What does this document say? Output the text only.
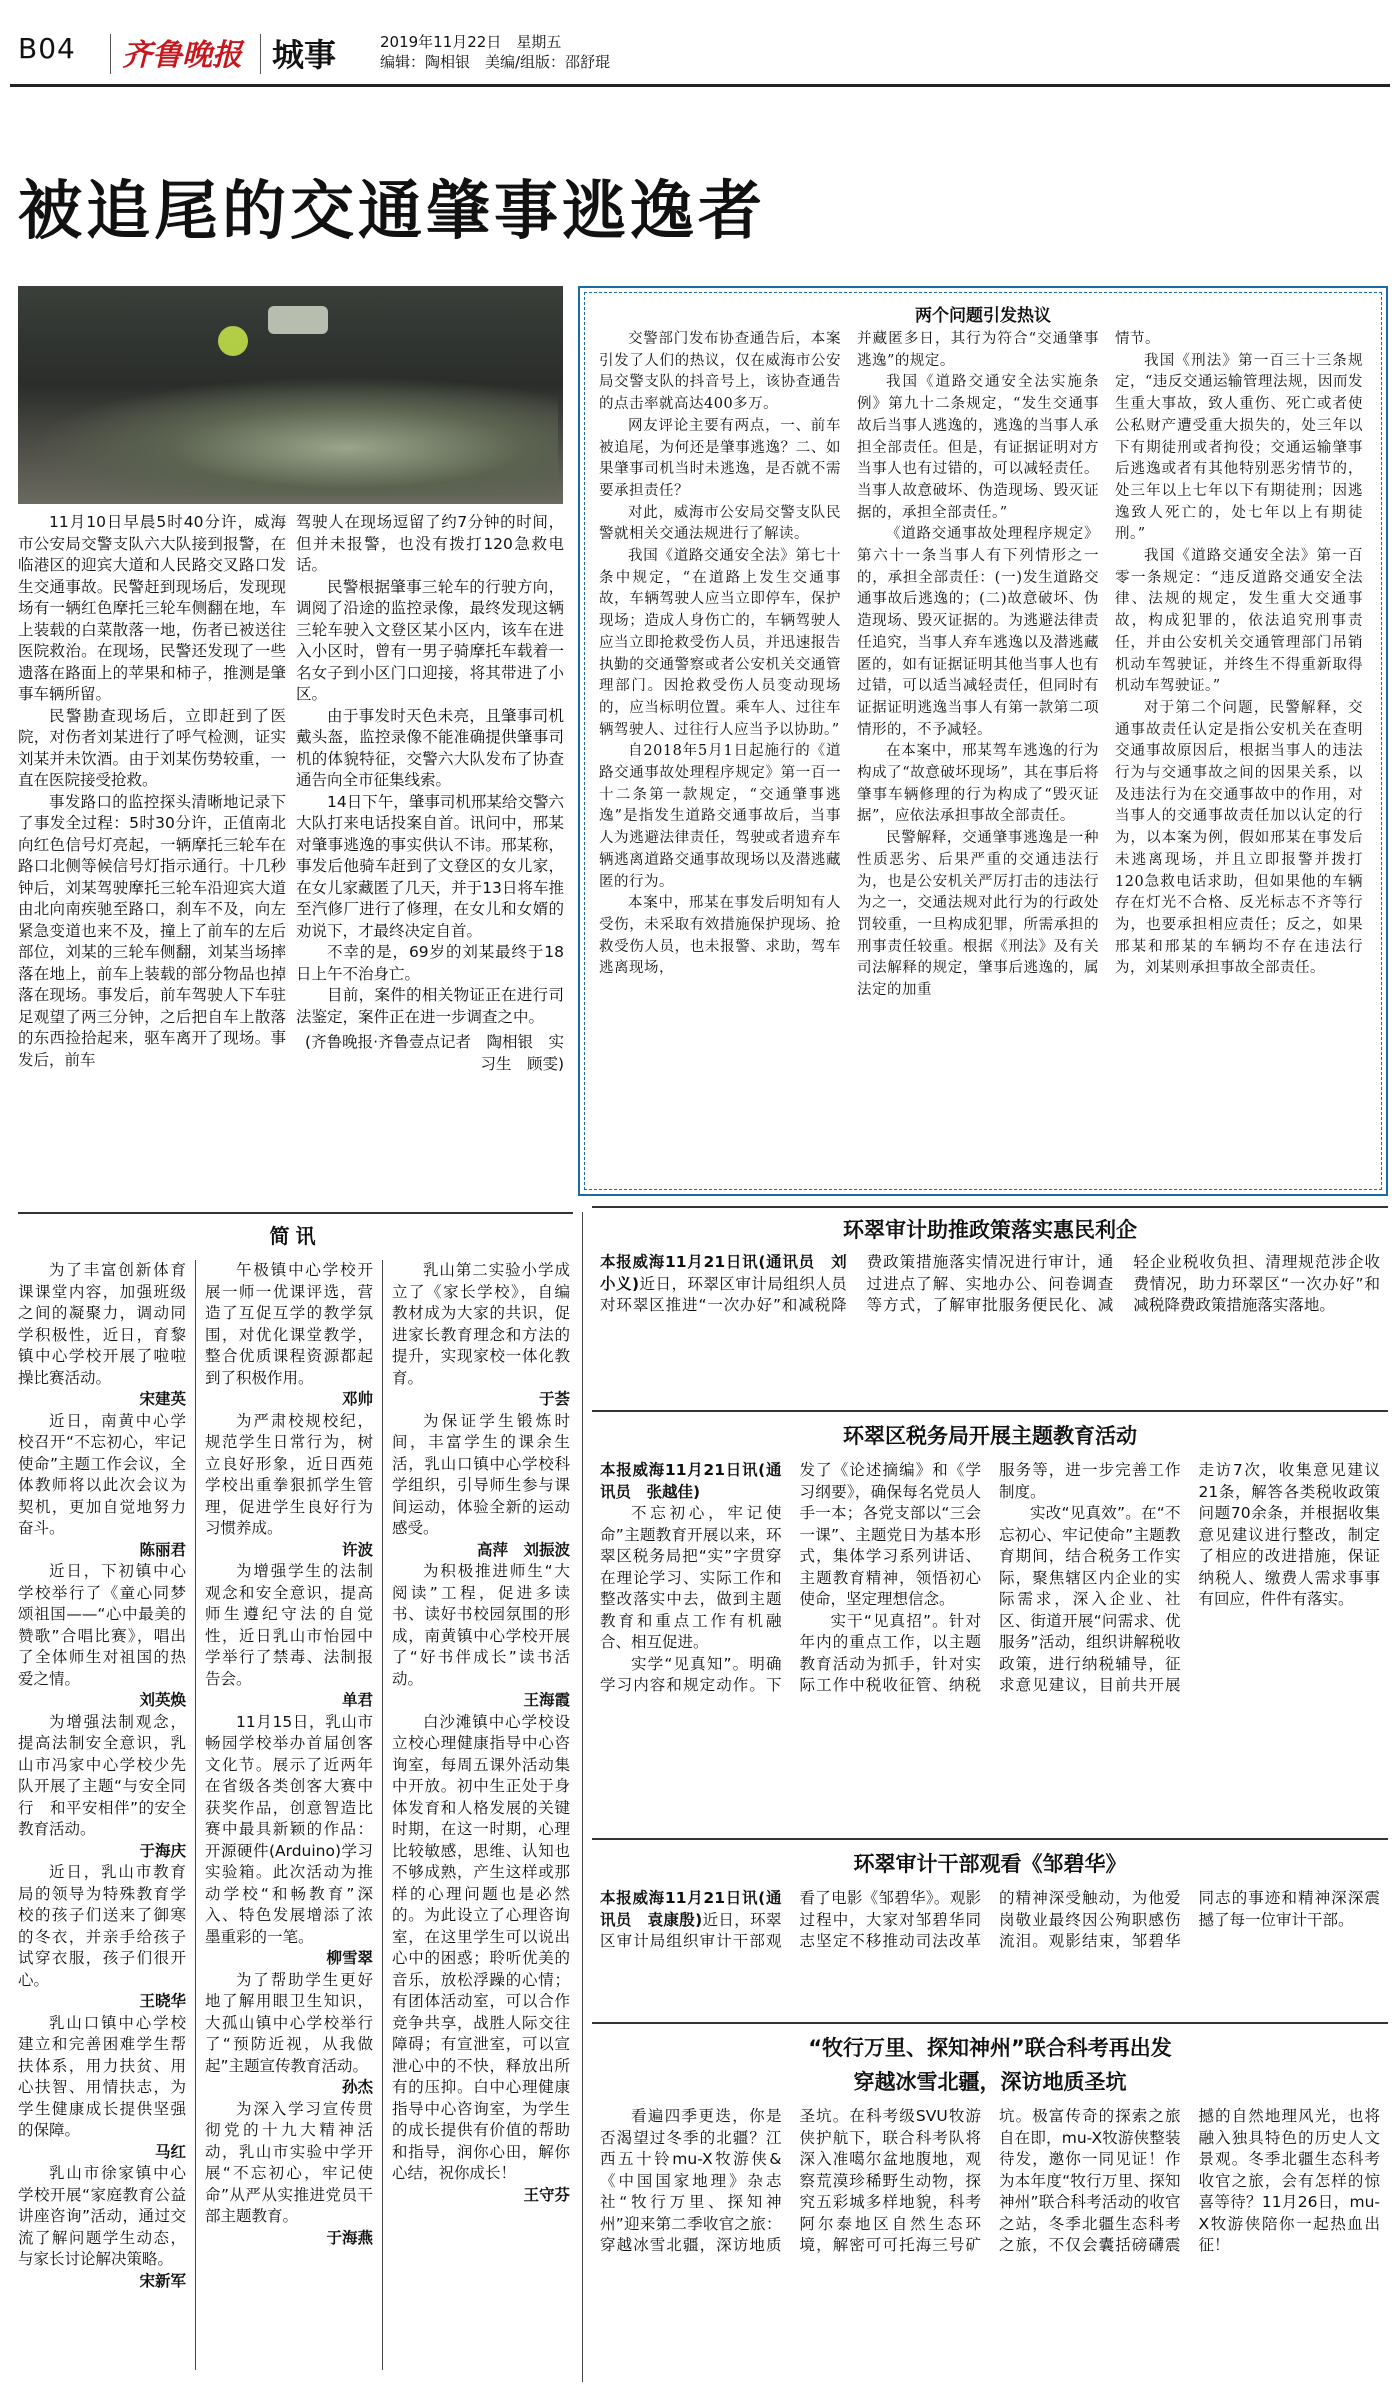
B04 齐鲁晚报 城事	2019年11月22日　星期五
编辑：陶相银　美编/组版：邵舒琨
被追尾的交通肇事逃逸者

11月10日早晨5时40分许，威海市公安局交警支队六大队接到报警，在临港区的迎宾大道和人民路交叉路口发生交通事故。民警赶到现场后，发现现场有一辆红色摩托三轮车侧翻在地，车上装载的白菜散落一地，伤者已被送往医院救治。在现场，民警还发现了一些遗落在路面上的苹果和柿子，推测是肇事车辆所留。

民警勘查现场后，立即赶到了医院，对伤者刘某进行了呼气检测，证实刘某并未饮酒。由于刘某伤势较重，一直在医院接受抢救。

事发路口的监控探头清晰地记录下了事发全过程：5时30分许，正值南北向红色信号灯亮起，一辆摩托三轮车在路口北侧等候信号灯指示通行。十几秒钟后，刘某驾驶摩托三轮车沿迎宾大道由北向南疾驰至路口，刹车不及，向左紧急变道也来不及，撞上了前车的左后部位，刘某的三轮车侧翻，刘某当场摔落在地上，前车上装载的部分物品也掉落在现场。事发后，前车驾驶人下车驻足观望了两三分钟，之后把自车上散落的东西捡拾起来，驱车离开了现场。事发后，前车

驾驶人在现场逗留了约7分钟的时间，但并未报警，也没有拨打120急救电话。

民警根据肇事三轮车的行驶方向，调阅了沿途的监控录像，最终发现这辆三轮车驶入文登区某小区内，该车在进入小区时，曾有一男子骑摩托车载着一名女子到小区门口迎接，将其带进了小区。

由于事发时天色未亮，且肇事司机戴头盔，监控录像不能准确提供肇事司机的体貌特征，交警六大队发布了协查通告向全市征集线索。

14日下午，肇事司机邢某给交警六大队打来电话投案自首。讯问中，邢某对肇事逃逸的事实供认不讳。邢某称，事发后他骑车赶到了文登区的女儿家，在女儿家藏匿了几天，并于13日将车推至汽修厂进行了修理，在女儿和女婿的劝说下，才最终决定自首。

不幸的是，69岁的刘某最终于18日上午不治身亡。

目前，案件的相关物证正在进行司法鉴定，案件正在进一步调查之中。

(齐鲁晚报·齐鲁壹点记者　陶相银　实习生　顾雯)

两个问题引发热议

交警部门发布协查通告后，本案引发了人们的热议，仅在威海市公安局交警支队的抖音号上，该协查通告的点击率就高达400多万。

网友评论主要有两点，一、前车被追尾，为何还是肇事逃逸？二、如果肇事司机当时未逃逸，是否就不需要承担责任？

对此，威海市公安局交警支队民警就相关交通法规进行了解读。

我国《道路交通安全法》第七十条中规定，“在道路上发生交通事故，车辆驾驶人应当立即停车，保护现场；造成人身伤亡的，车辆驾驶人应当立即抢救受伤人员，并迅速报告执勤的交通警察或者公安机关交通管理部门。因抢救受伤人员变动现场的，应当标明位置。乘车人、过往车辆驾驶人、过往行人应当予以协助。”

自2018年5月1日起施行的《道路交通事故处理程序规定》第一百一十二条第一款规定，“交通肇事逃逸”是指发生道路交通事故后，当事人为逃避法律责任，驾驶或者遗弃车辆逃离道路交通事故现场以及潜逃藏匿的行为。

本案中，邢某在事发后明知有人受伤，未采取有效措施保护现场、抢救受伤人员，也未报警、求助，驾车逃离现场，

并藏匿多日，其行为符合“交通肇事逃逸”的规定。

我国《道路交通安全法实施条例》第九十二条规定，“发生交通事故后当事人逃逸的，逃逸的当事人承担全部责任。但是，有证据证明对方当事人也有过错的，可以减轻责任。当事人故意破坏、伪造现场、毁灭证据的，承担全部责任。”

《道路交通事故处理程序规定》第六十一条当事人有下列情形之一的，承担全部责任：(一)发生道路交通事故后逃逸的；(二)故意破坏、伪造现场、毁灭证据的。为逃避法律责任追究，当事人弃车逃逸以及潜逃藏匿的，如有证据证明其他当事人也有过错，可以适当减轻责任，但同时有证据证明逃逸当事人有第一款第二项情形的，不予减轻。

在本案中，邢某驾车逃逸的行为构成了“故意破坏现场”，其在事后将肇事车辆修理的行为构成了“毁灭证据”，应依法承担事故全部责任。

民警解释，交通肇事逃逸是一种性质恶劣、后果严重的交通违法行为，也是公安机关严厉打击的违法行为之一，交通法规对此行为的行政处罚较重，一旦构成犯罪，所需承担的刑事责任较重。根据《刑法》及有关司法解释的规定，肇事后逃逸的，属法定的加重

情节。

我国《刑法》第一百三十三条规定，“违反交通运输管理法规，因而发生重大事故，致人重伤、死亡或者使公私财产遭受重大损失的，处三年以下有期徒刑或者拘役；交通运输肇事后逃逸或者有其他特别恶劣情节的，处三年以上七年以下有期徒刑；因逃逸致人死亡的，处七年以上有期徒刑。”

我国《道路交通安全法》第一百零一条规定：“违反道路交通安全法律、法规的规定，发生重大交通事故，构成犯罪的，依法追究刑事责任，并由公安机关交通管理部门吊销机动车驾驶证，并终生不得重新取得机动车驾驶证。”

对于第二个问题，民警解释，交通事故责任认定是指公安机关在查明交通事故原因后，根据当事人的违法行为与交通事故之间的因果关系，以及违法行为在交通事故中的作用，对当事人的交通事故责任加以认定的行为，以本案为例，假如邢某在事发后未逃离现场，并且立即报警并拨打120急救电话求助，但如果他的车辆存在灯光不合格、反光标志不齐等行为，也要承担相应责任；反之，如果邢某和邢某的车辆均不存在违法行为，刘某则承担事故全部责任。

简讯

为了丰富创新体育课课堂内容，加强班级之间的凝聚力，调动同学积极性，近日，育黎镇中心学校开展了啦啦操比赛活动。

宋建英

近日，南黄中心学校召开“不忘初心，牢记使命”主题工作会议，全体教师将以此次会议为契机，更加自觉地努力奋斗。

陈丽君

近日，下初镇中心学校举行了《童心同梦颂祖国——“心中最美的赞歌”合唱比赛》，唱出了全体师生对祖国的热爱之情。

刘英焕

为增强法制观念，提高法制安全意识，乳山市冯家中心学校少先队开展了主题“与安全同行　和平安相伴”的安全教育活动。

于海庆

近日，乳山市教育局的领导为特殊教育学校的孩子们送来了御寒的冬衣，并亲手给孩子试穿衣服，孩子们很开心。

王晓华

乳山口镇中心学校建立和完善困难学生帮扶体系，用力扶贫、用心扶智、用情扶志，为学生健康成长提供坚强的保障。

马红

乳山市徐家镇中心学校开展“家庭教育公益讲座咨询”活动，通过交流了解问题学生动态，与家长讨论解决策略。

宋新军

午极镇中心学校开展一师一优课评选，营造了互促互学的教学氛围，对优化课堂教学，整合优质课程资源都起到了积极作用。

邓帅

为严肃校规校纪，规范学生日常行为，树立良好形象，近日西苑学校出重拳狠抓学生管理，促进学生良好行为习惯养成。

许波

为增强学生的法制观念和安全意识，提高师生遵纪守法的自觉性，近日乳山市怡园中学举行了禁毒、法制报告会。

单君

11月15日，乳山市畅园学校举办首届创客文化节。展示了近两年在省级各类创客大赛中获奖作品，创意智造比赛中最具新颖的作品：开源硬件(Arduino)学习实验箱。此次活动为推动学校“和畅教育”深入、特色发展增添了浓墨重彩的一笔。

柳雪翠

为了帮助学生更好地了解用眼卫生知识，大孤山镇中心学校举行了“预防近视，从我做起”主题宣传教育活动。

孙杰

为深入学习宣传贯彻党的十九大精神活动，乳山市实验中学开展“不忘初心，牢记使命”从严从实推进党员干部主题教育。

于海燕

乳山第二实验小学成立了《家长学校》，自编教材成为大家的共识，促进家长教育理念和方法的提升，实现家校一体化教育。

于荟

为保证学生锻炼时间，丰富学生的课余生活，乳山口镇中心学校科学组织，引导师生参与课间运动，体验全新的运动感受。

高萍　刘振波

为积极推进师生“大阅读”工程，促进多读书、读好书校园氛围的形成，南黄镇中心学校开展了“好书伴成长”读书活动。

王海霞

白沙滩镇中心学校设立校心理健康指导中心咨询室，每周五课外活动集中开放。初中生正处于身体发育和人格发展的关键时期，在这一时期，心理比较敏感，思维、认知也不够成熟，产生这样或那样的心理问题也是必然的。为此设立了心理咨询室，在这里学生可以说出心中的困惑；聆听优美的音乐，放松浮躁的心情；有团体活动室，可以合作竞争共享，战胜人际交往障碍；有宣泄室，可以宣泄心中的不快，释放出所有的压抑。白中心理健康指导中心咨询室，为学生的成长提供有价值的帮助和指导，润你心田，解你心结，祝你成长！

王守芬

环翠审计助推政策落实惠民利企
本报威海11月21日讯(通讯员　刘小义)近日，环翠区审计局组织人员对环翠区推进“一次办好”和减税降费政策措施落实情况进行审计，通过进点了解、实地办公、问卷调查等方式，了解审批服务便民化、减轻企业税收负担、清理规范涉企收费情况，助力环翠区“一次办好”和减税降费政策措施落实落地。
环翠区税务局开展主题教育活动

本报威海11月21日讯(通讯员　张越佳)

不忘初心，牢记使命”主题教育开展以来，环翠区税务局把“实”字贯穿在理论学习、实际工作和整改落实中去，做到主题教育和重点工作有机融合、相互促进。

实学“见真知”。明确学习内容和规定动作。下发了《论述摘编》和《学习纲要》，确保每名党员人手一本；各党支部以“三会一课”、主题党日为基本形式，集体学习系列讲话、主题教育精神，领悟初心使命，坚定理想信念。

实干“见真招”。针对年内的重点工作，以主题教育活动为抓手，针对实际工作中税收征管、纳税服务等，进一步完善工作制度。

实改“见真效”。在“不忘初心、牢记使命”主题教育期间，结合税务工作实际，聚焦辖区内企业的实际需求，深入企业、社区、街道开展“问需求、优服务”活动，组织讲解税收政策，进行纳税辅导，征求意见建议，目前共开展走访7次，收集意见建议21条，解答各类税收政策问题70余条，并根据收集意见建议进行整改，制定了相应的改进措施，保证纳税人、缴费人需求事事有回应，件件有落实。

环翠审计干部观看《邹碧华》
本报威海11月21日讯(通讯员　袁康殷)近日，环翠区审计局组织审计干部观看了电影《邹碧华》。观影过程中，大家对邹碧华同志坚定不移推动司法改革的精神深受触动，为他爱岗敬业最终因公殉职感伤流泪。观影结束，邹碧华同志的事迹和精神深深震撼了每一位审计干部。
“牧行万里、探知神州”联合科考再出发
穿越冰雪北疆，深访地质圣坑

看遍四季更迭，你是否渴望过冬季的北疆？江西五十铃mu-X牧游侠&《中国国家地理》杂志社“牧行万里、探知神州”迎来第二季收官之旅：穿越冰雪北疆，深访地质圣坑。在科考级SVU牧游侠护航下，联合科考队将深入准噶尔盆地腹地，观察荒漠珍稀野生动物，探究五彩城多样地貌，科考阿尔泰地区自然生态环境，解密可可托海三号矿坑。极富传奇的探索之旅自在即，mu-X牧游侠整装待发，邀你一同见证！作为本年度“牧行万里、探知神州”联合科考活动的收官之站，冬季北疆生态科考之旅，不仅会囊括磅礴震撼的自然地理风光，也将融入独具特色的历史人文景观。冬季北疆生态科考收官之旅，会有怎样的惊喜等待？11月26日，mu-X牧游侠陪你一起热血出征！
